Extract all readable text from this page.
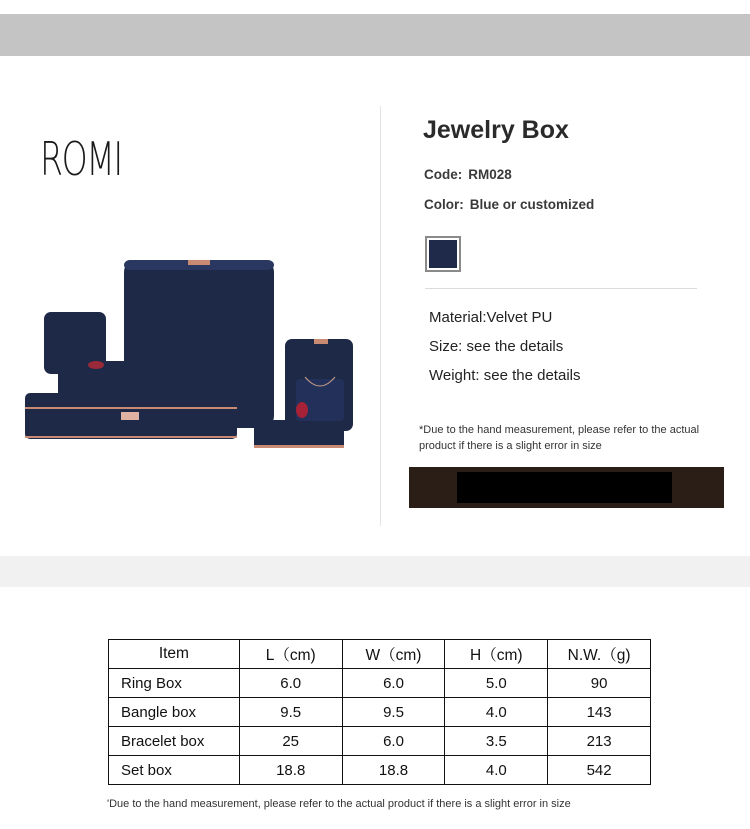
ROMI
Jewelry Box
Code: RM028
Color: Blue or customized
Material:Velvet PU
Size: see the details
Weight: see the details
*Due to the hand measurement, please refer to the actual product if there is a slight error in size
Item	L（cm)	W（cm)	H（cm)	N.W.（g)
Ring Box	6.0	6.0	5.0	90
Bangle box	9.5	9.5	4.0	143
Bracelet box	25	6.0	3.5	213
Set box	18.8	18.8	4.0	542
'Due to the hand measurement, please refer to the actual product if there is a slight error in size
